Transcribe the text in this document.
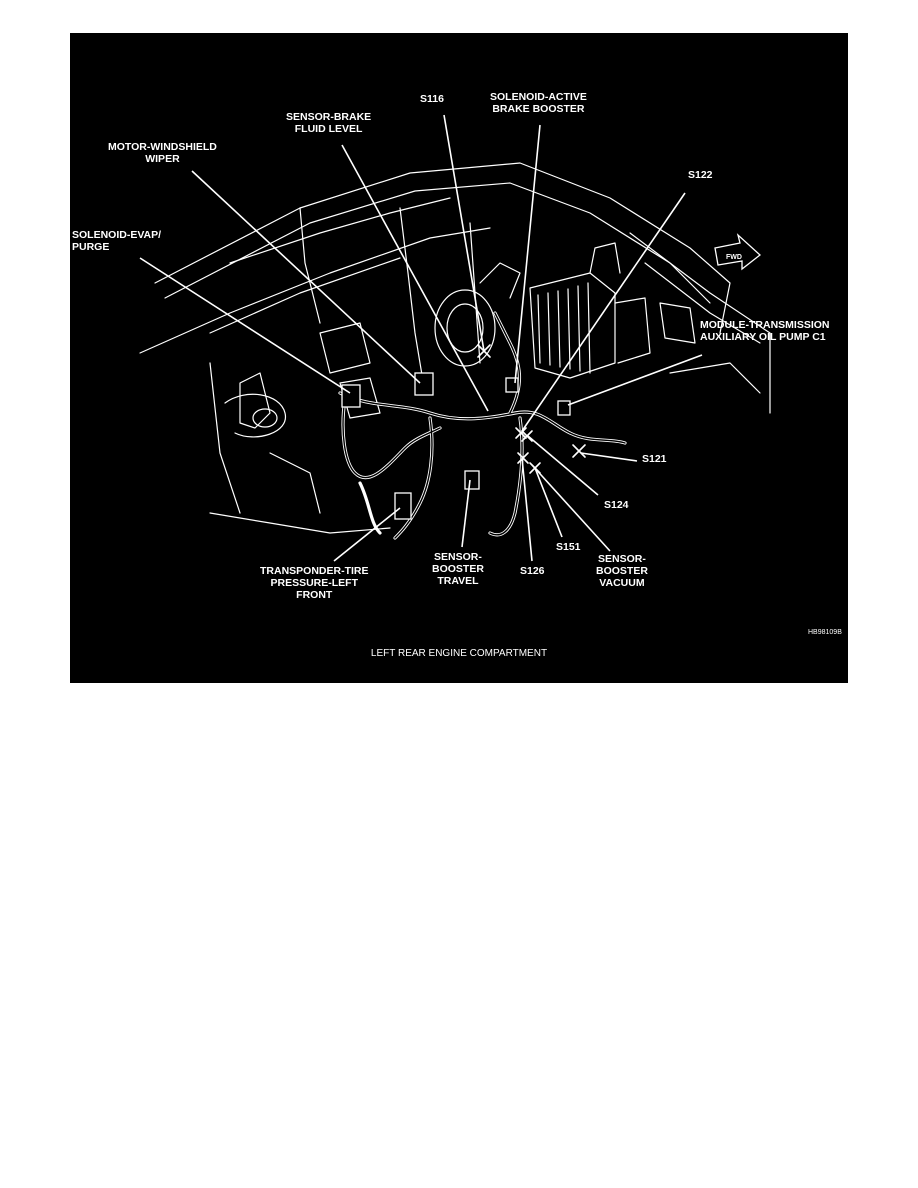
FWD
S116	SOLENOID-ACTIVE
BRAKE BOOSTER
SENSOR-BRAKE
FLUID LEVEL
MOTOR-WINDSHIELD
WIPER
S122
SOLENOID-EVAP/
PURGE
MODULE-TRANSMISSION
AUXILIARY OIL PUMP C1
S121
S124
S151
TRANSPONDER-TIRE
PRESSURE-LEFT
FRONT
SENSOR-
BOOSTER
TRAVEL
S126
SENSOR-
BOOSTER
VACUUM
HB98109B
LEFT REAR ENGINE COMPARTMENT
